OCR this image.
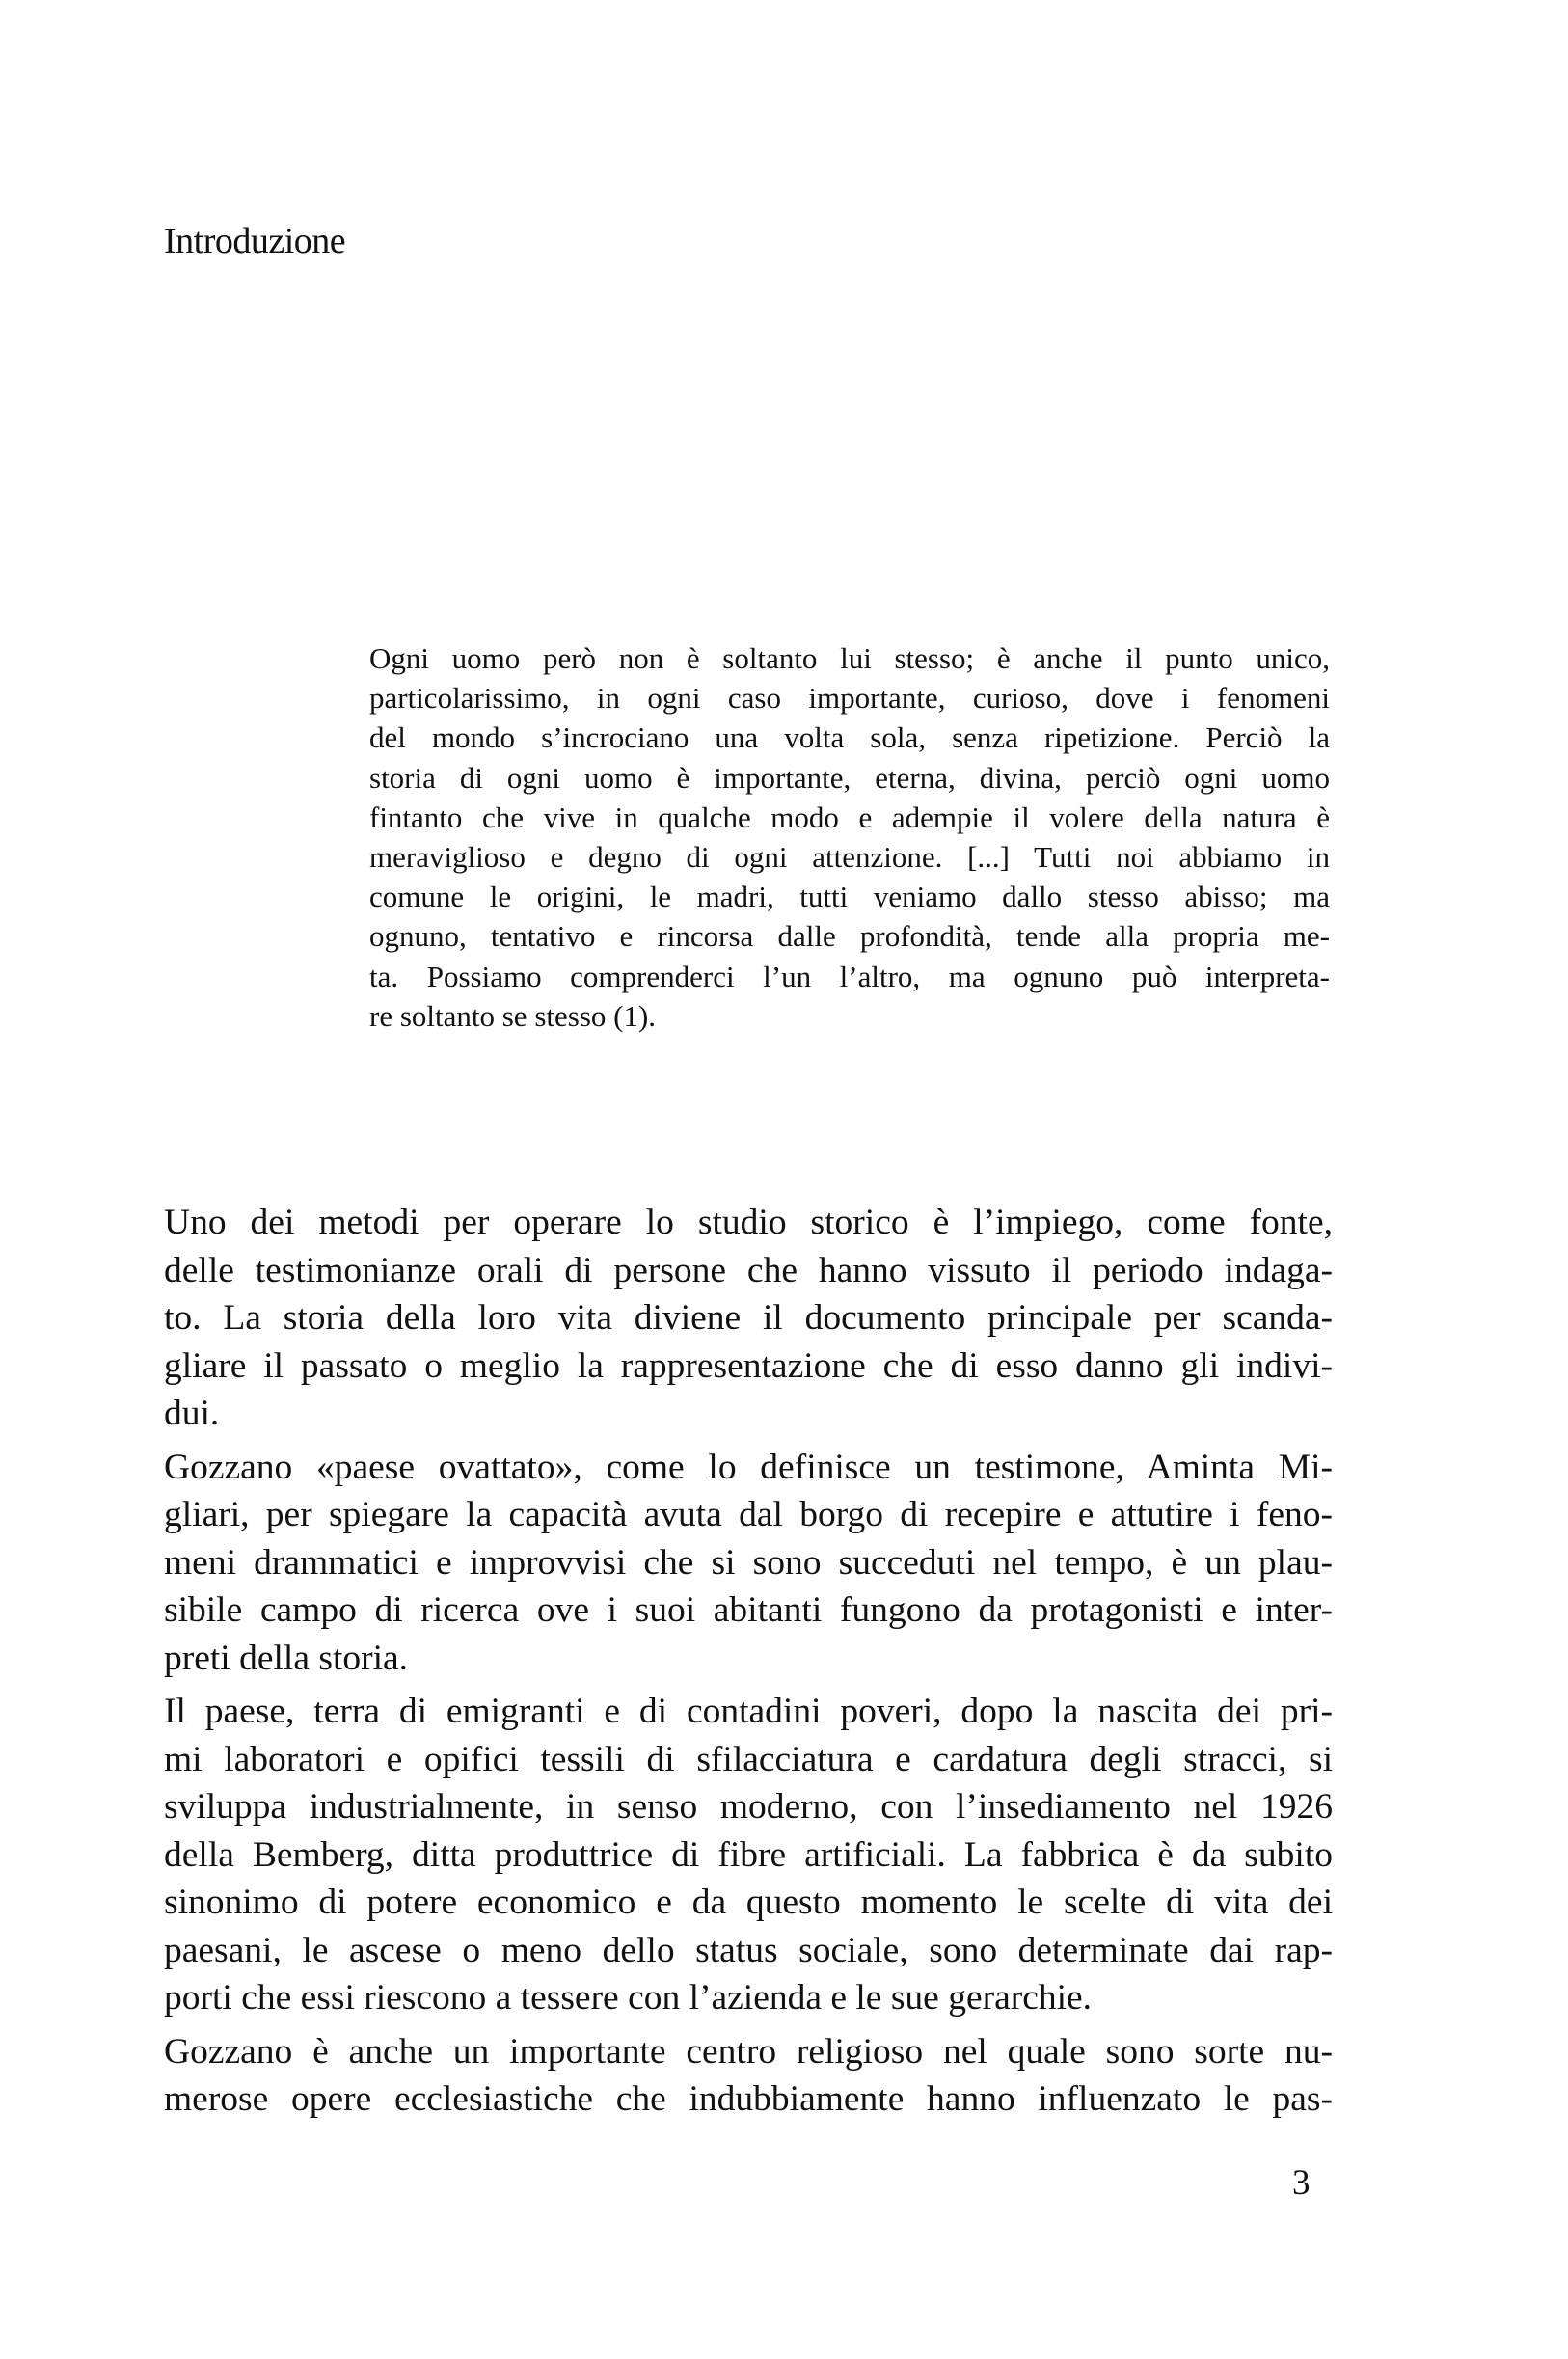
Introduzione
Ogni uomo però non è soltanto lui stesso; è anche il punto unico,
particolarissimo, in ogni caso importante, curioso, dove i fenomeni
del mondo s’incrociano una volta sola, senza ripetizione. Perciò la
storia di ogni uomo è importante, eterna, divina, perciò ogni uomo
fintanto che vive in qualche modo e adempie il volere della natura è
meraviglioso e degno di ogni attenzione. [...] Tutti noi abbiamo in
comune le origini, le madri, tutti veniamo dallo stesso abisso; ma
ognuno, tentativo e rincorsa dalle profondità, tende alla propria me-
ta. Possiamo comprenderci l’un l’altro, ma ognuno può interpreta-
re soltanto se stesso (1).
Uno dei metodi per operare lo studio storico è l’impiego, come fonte,
delle testimonianze orali di persone che hanno vissuto il periodo indaga-
to. La storia della loro vita diviene il documento principale per scanda-
gliare il passato o meglio la rappresentazione che di esso danno gli indivi-
dui.
Gozzano «paese ovattato», come lo definisce un testimone, Aminta Mi-
gliari, per spiegare la capacità avuta dal borgo di recepire e attutire i feno-
meni drammatici e improvvisi che si sono succeduti nel tempo, è un plau-
sibile campo di ricerca ove i suoi abitanti fungono da protagonisti e inter-
preti della storia.
Il paese, terra di emigranti e di contadini poveri, dopo la nascita dei pri-
mi laboratori e opifici tessili di sfilacciatura e cardatura degli stracci, si
sviluppa industrialmente, in senso moderno, con l’insediamento nel 1926
della Bemberg, ditta produttrice di fibre artificiali. La fabbrica è da subito
sinonimo di potere economico e da questo momento le scelte di vita dei
paesani, le ascese o meno dello status sociale, sono determinate dai rap-
porti che essi riescono a tessere con l’azienda e le sue gerarchie.
Gozzano è anche un importante centro religioso nel quale sono sorte nu-
merose opere ecclesiastiche che indubbiamente hanno influenzato le pas-
3
